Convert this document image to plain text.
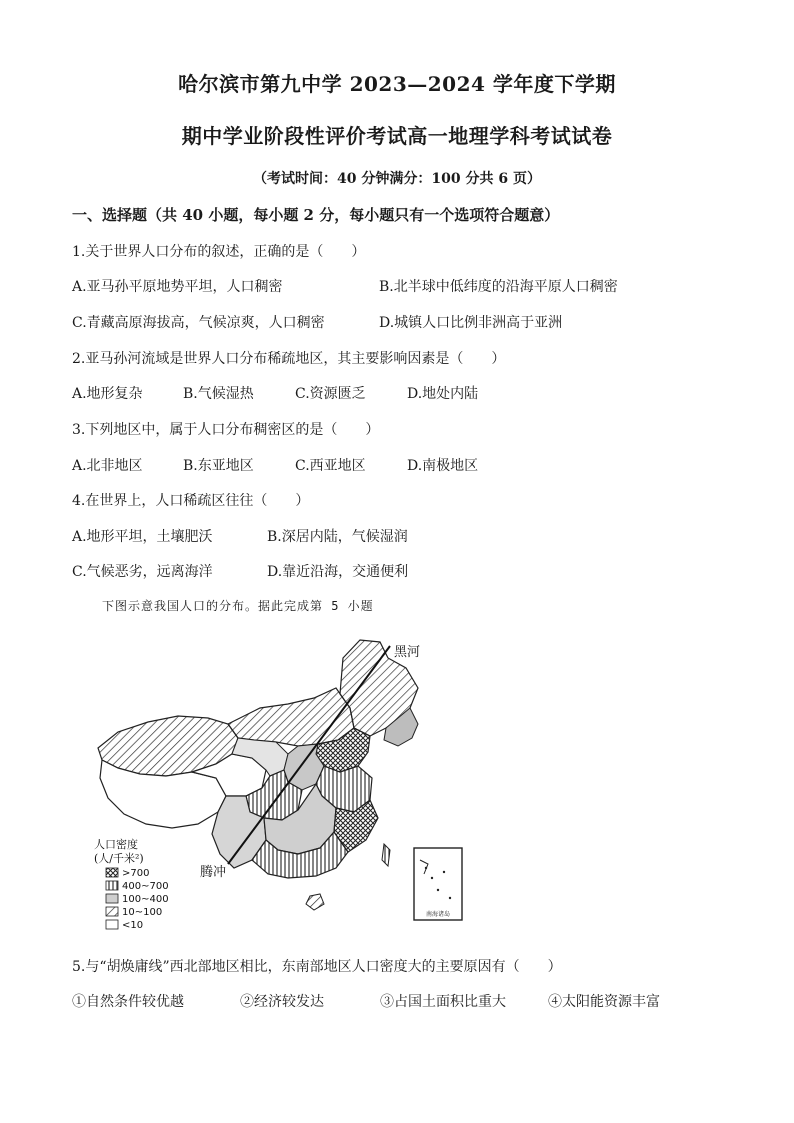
哈尔滨市第九中学 2023—2024 学年度下学期
期中学业阶段性评价考试高一地理学科考试试卷
（考试时间：40 分钟满分：100 分共 6 页）
一、选择题（共 40 小题，每小题 2 分，每小题只有一个选项符合题意）
1.关于世界人口分布的叙述，正确的是（　　）
A.亚马孙平原地势平坦，人口稠密	B.北半球中低纬度的沿海平原人口稠密
C.青藏高原海拔高，气候凉爽，人口稠密	D.城镇人口比例非洲高于亚洲
2.亚马孙河流域是世界人口分布稀疏地区，其主要影响因素是（　　）
A.地形复杂	B.气候湿热	C.资源匮乏	D.地处内陆
3.下列地区中，属于人口分布稠密区的是（　　）
A.北非地区	B.东亚地区	C.西亚地区	D.南极地区
4.在世界上，人口稀疏区往往（　　）
A.地形平坦，土壤肥沃	B.深居内陆，气候湿润
C.气候恶劣，远离海洋	D.靠近沿海，交通便利
下图示意我国人口的分布。据此完成第 5 小题
南海诸岛
黑河
腾冲
人口密度
(人/千米²)
>700
400~700
100~400
10~100
<10
5.与“胡焕庸线”西北部地区相比，东南部地区人口密度大的主要原因有（　　）
①自然条件较优越	②经济较发达	③占国土面积比重大	④太阳能资源丰富
